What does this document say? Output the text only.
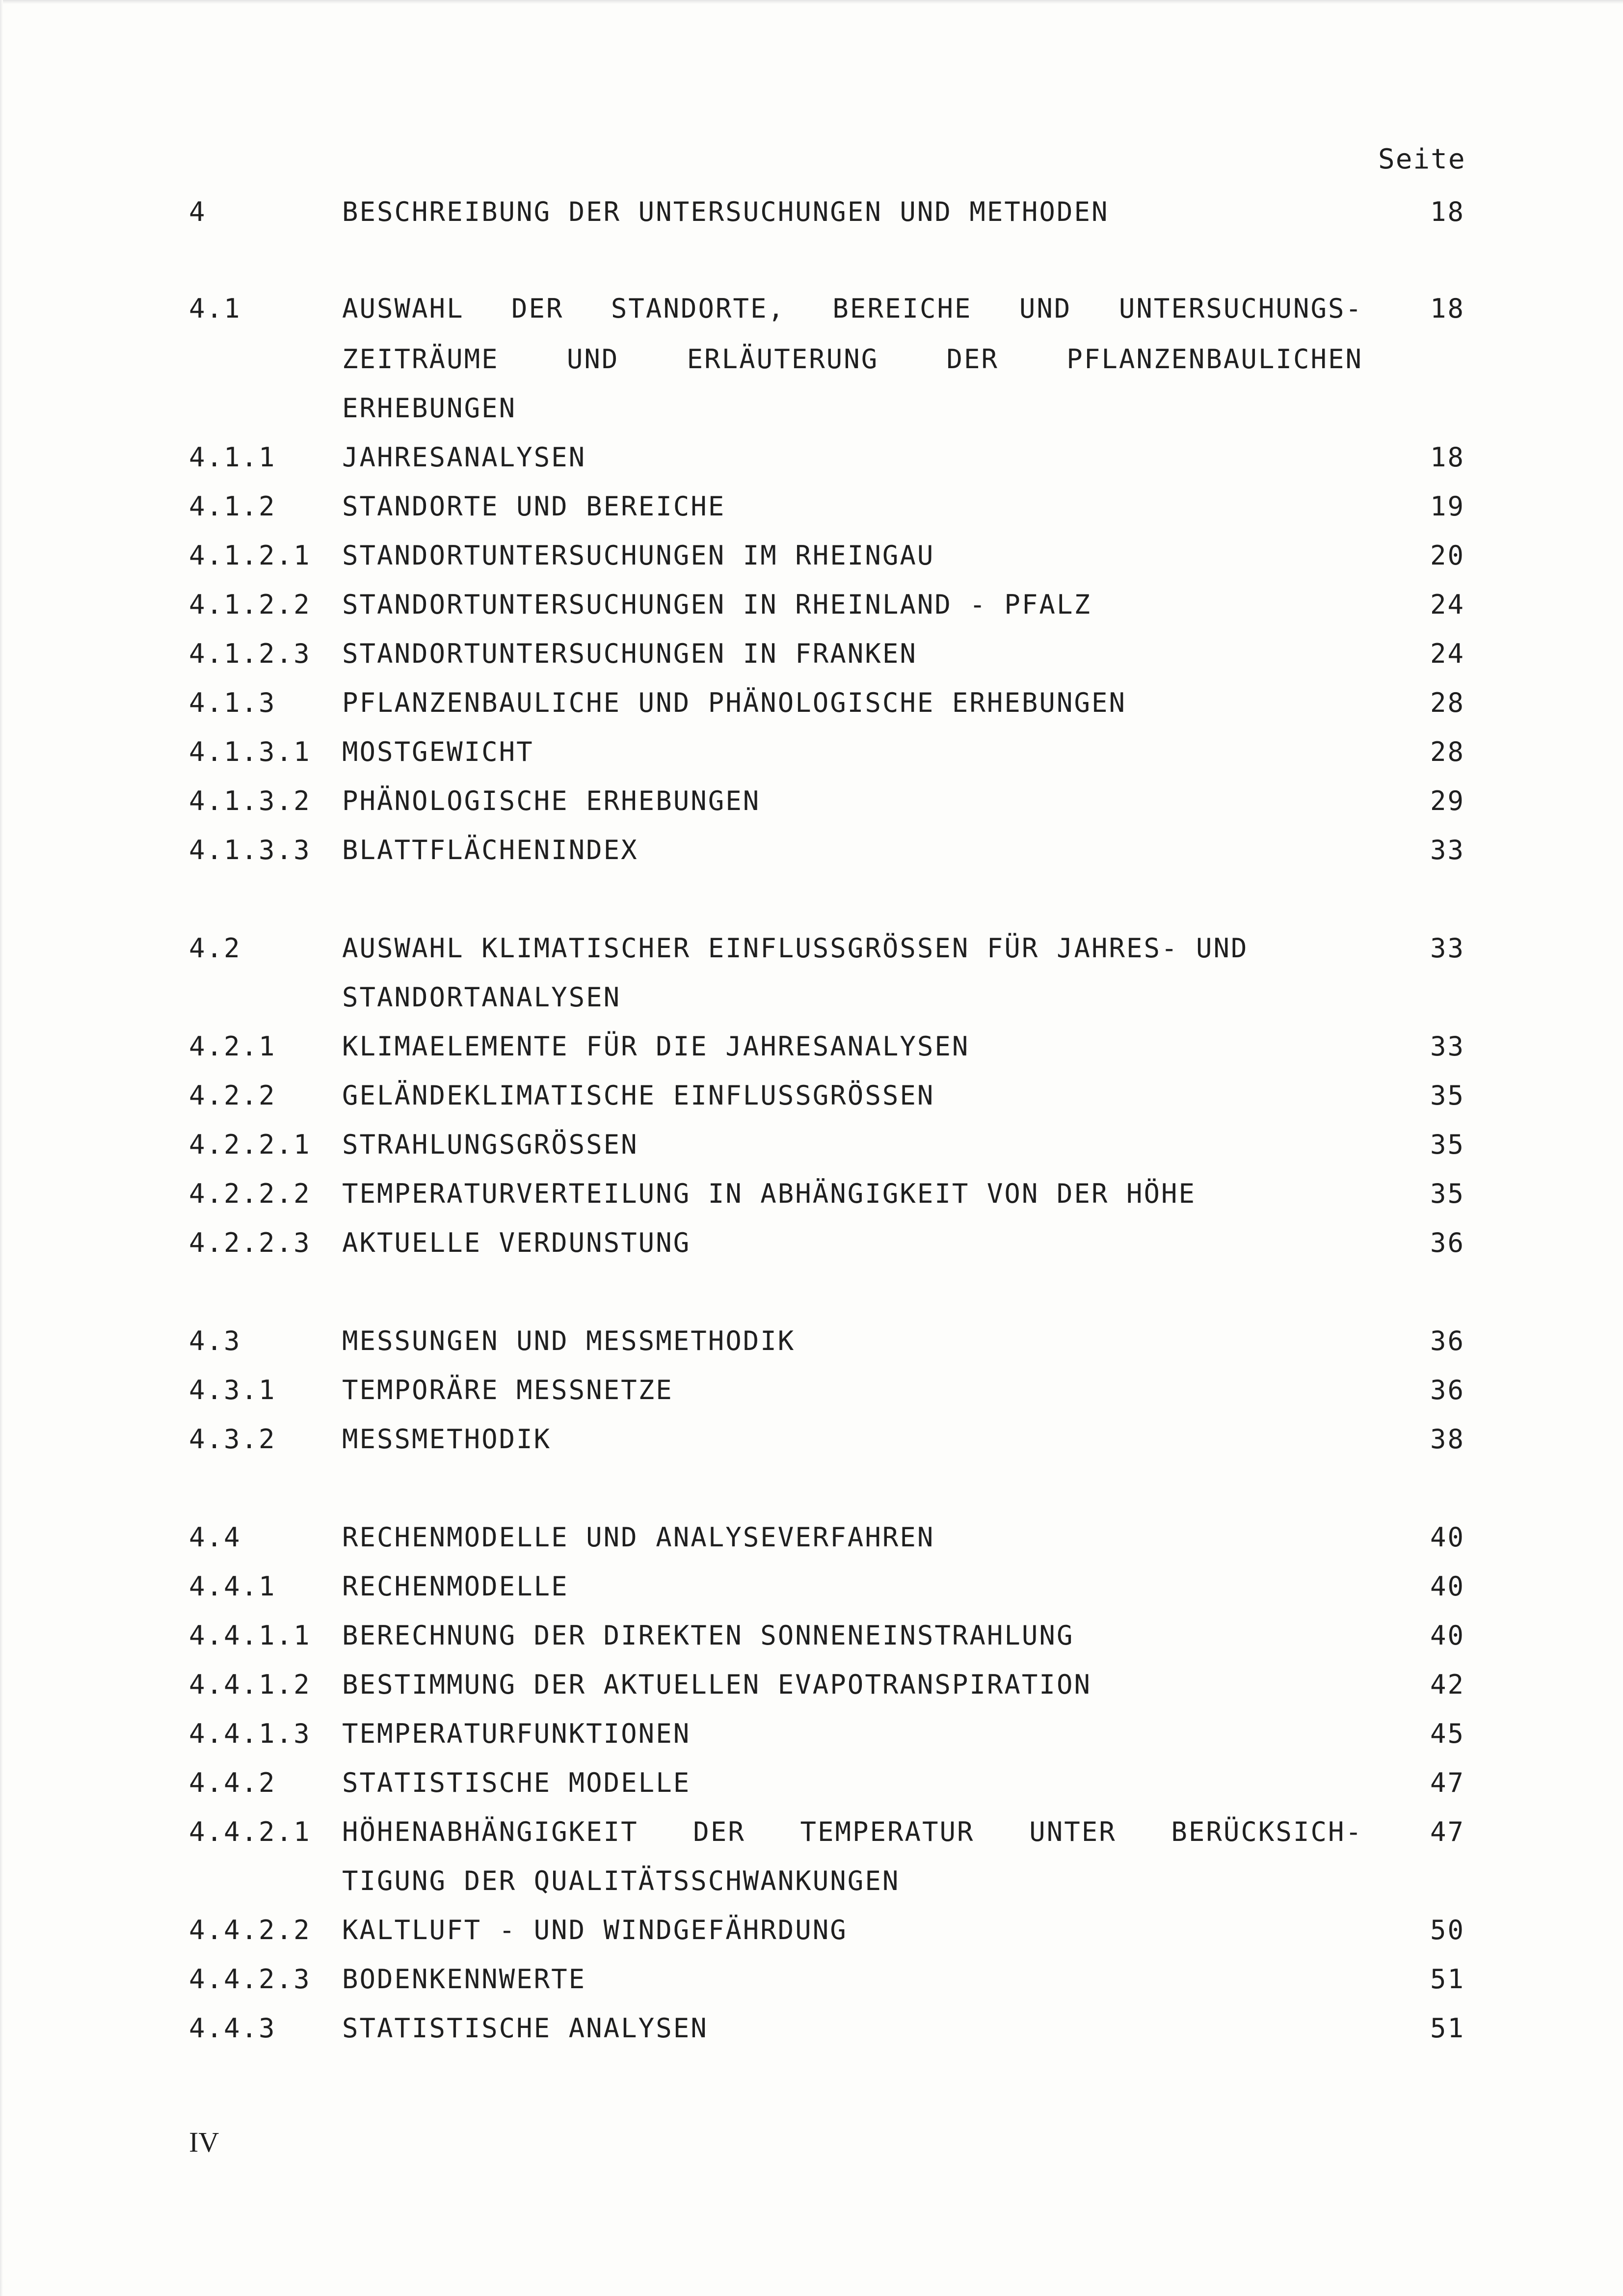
Seite
4	BESCHREIBUNG DER UNTERSUCHUNGEN UND METHODEN	18
4.1	AUSWAHL DER STANDORTE, BEREICHE UND UNTERSUCHUNGS-	18
ZEITRÄUME UND ERLÄUTERUNG DER PFLANZENBAULICHEN
ERHEBUNGEN
4.1.1 JAHRESANALYSEN	18
4.1.2 STANDORTE UND BEREICHE	19
4.1.2.1 STANDORTUNTERSUCHUNGEN IM RHEINGAU	20
4.1.2.2 STANDORTUNTERSUCHUNGEN IN RHEINLAND - PFALZ	24
4.1.2.3 STANDORTUNTERSUCHUNGEN IN FRANKEN	24
4.1.3 PFLANZENBAULICHE UND PHÄNOLOGISCHE ERHEBUNGEN	28
4.1.3.1 MOSTGEWICHT	28
4.1.3.2 PHÄNOLOGISCHE ERHEBUNGEN	29
4.1.3.3 BLATTFLÄCHENINDEX	33
4.2	AUSWAHL KLIMATISCHER EINFLUSSGRÖSSEN FÜR JAHRES- UND	33
STANDORTANALYSEN
4.2.1 KLIMAELEMENTE FÜR DIE JAHRESANALYSEN	33
4.2.2 GELÄNDEKLIMATISCHE EINFLUSSGRÖSSEN	35
4.2.2.1 STRAHLUNGSGRÖSSEN	35
4.2.2.2 TEMPERATURVERTEILUNG IN ABHÄNGIGKEIT VON DER HÖHE	35
4.2.2.3 AKTUELLE VERDUNSTUNG	36
4.3	MESSUNGEN UND MESSMETHODIK	36
4.3.1 TEMPORÄRE MESSNETZE	36
4.3.2 MESSMETHODIK	38
4.4	RECHENMODELLE UND ANALYSEVERFAHREN	40
4.4.1 RECHENMODELLE	40
4.4.1.1 BERECHNUNG DER DIREKTEN SONNENEINSTRAHLUNG	40
4.4.1.2 BESTIMMUNG DER AKTUELLEN EVAPOTRANSPIRATION	42
4.4.1.3 TEMPERATURFUNKTIONEN	45
4.4.2 STATISTISCHE MODELLE	47
4.4.2.1 HÖHENABHÄNGIGKEIT DER TEMPERATUR UNTER BERÜCKSICH-	47
TIGUNG DER QUALITÄTSSCHWANKUNGEN
4.4.2.2 KALTLUFT - UND WINDGEFÄHRDUNG	50
4.4.2.3 BODENKENNWERTE	51
4.4.3 STATISTISCHE ANALYSEN	51
IV
